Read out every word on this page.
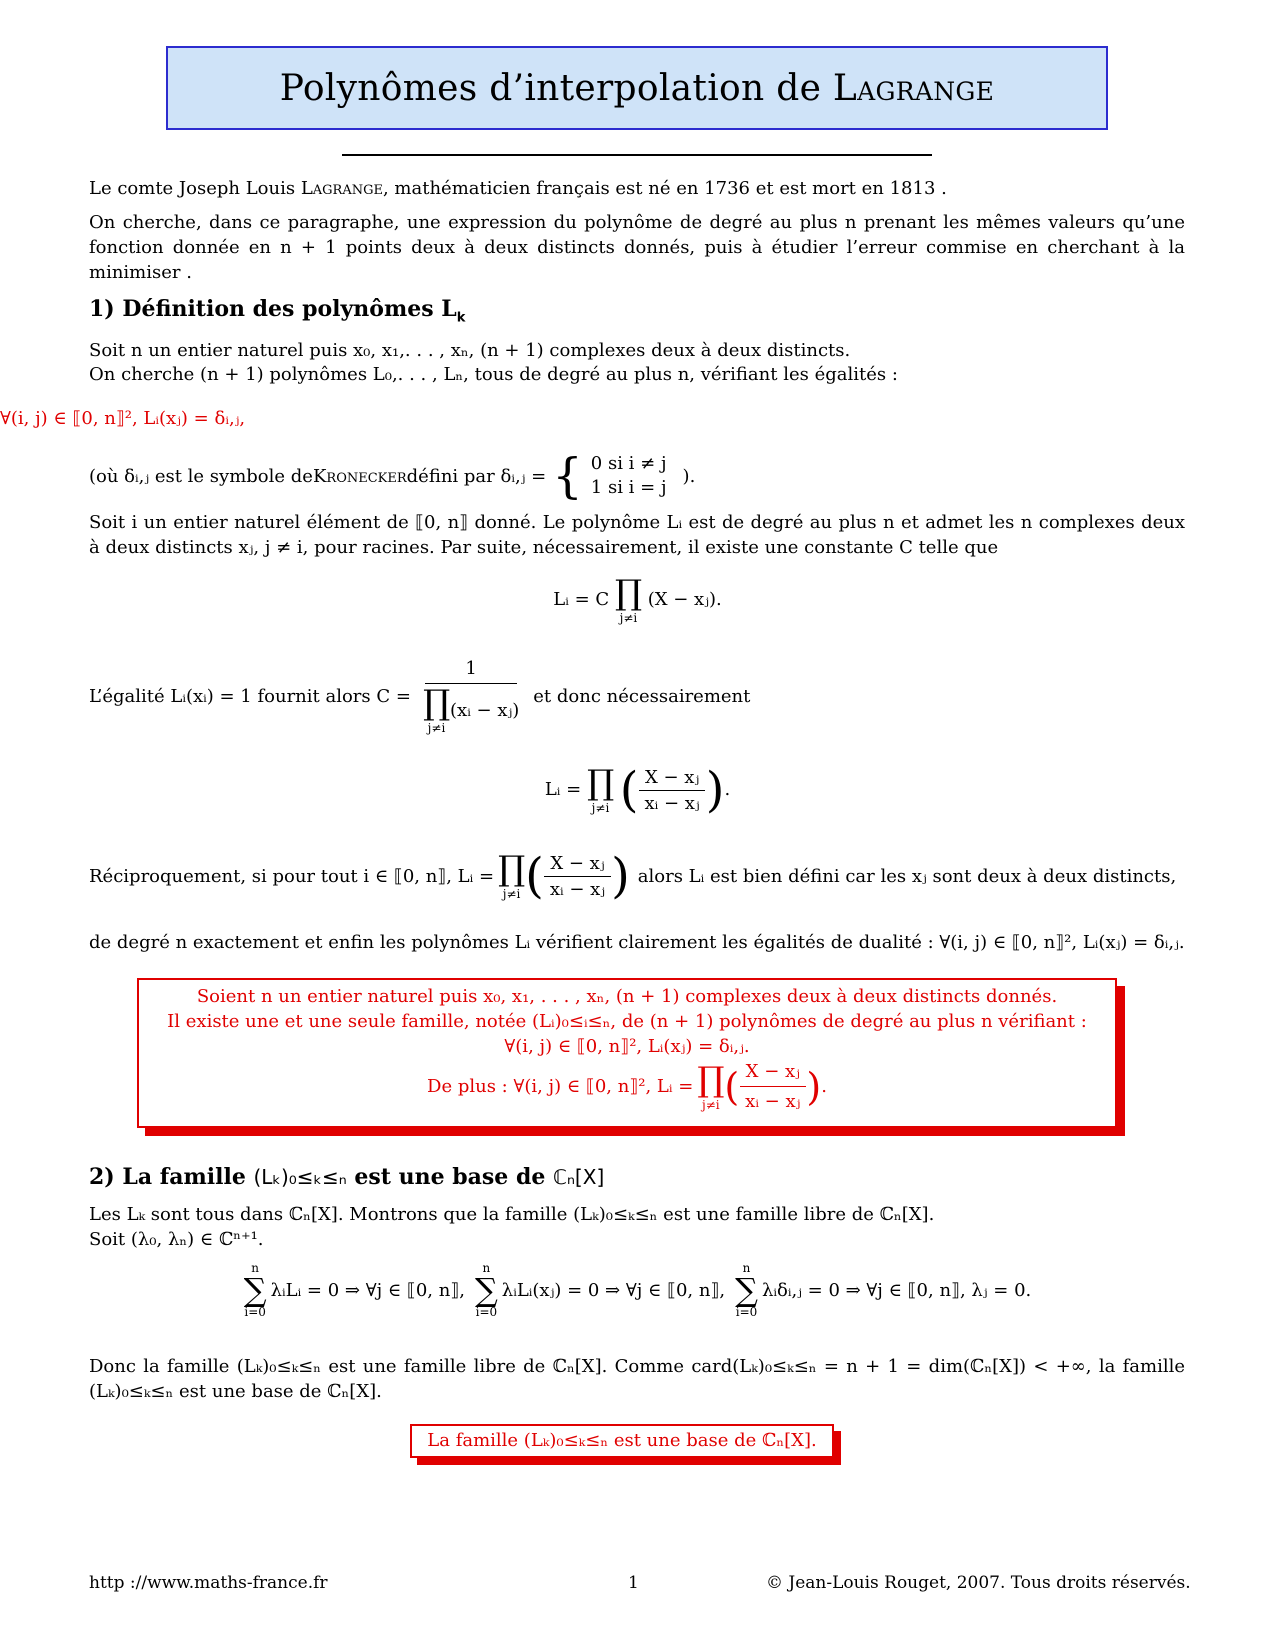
Polynômes d’interpolation de Lagrange

Le comte Joseph Louis Lagrange, mathématicien français est né en 1736 et est mort en 1813 .

On cherche, dans ce paragraphe, une expression du polynôme de degré au plus n prenant les mêmes valeurs qu’une fonction donnée en n + 1 points deux à deux distincts donnés, puis à étudier l’erreur commise en cherchant à la minimiser .

1) Définition des polynômes $L_k$

Soit n un entier naturel puis x₀, x₁,. . . , xₙ, (n + 1) complexes deux à deux distincts.

On cherche (n + 1) polynômes L₀,. . . , Lₙ, tous de degré au plus n, vérifiant les égalités :

∀(i, j) ∈ ⟦0, n⟧², Lᵢ(xⱼ) = δᵢ,ⱼ,

(où δᵢ,ⱼ est le symbole de Kronecker défini par δᵢ,ⱼ = { 0 si i ≠ j
1 si i = j
).

Soit i un entier naturel élément de ⟦0, n⟧ donné. Le polynôme Lᵢ est de degré au plus n et admet les n complexes deux à deux distincts xⱼ, j ≠ i, pour racines. Par suite, nécessairement, il existe une constante C telle que

Lᵢ = C ∏
j≠i
(X − xⱼ).
L’égalité Lᵢ(xᵢ) = 1 fournit alors C = 1
∏
j≠i
(xᵢ − xⱼ) et donc nécessairement
Lᵢ = ∏
j≠i ( $\frac{\text{X − xⱼ}}{\text{xᵢ − xⱼ}}$ ).
Réciproquement, si pour tout i ∈ ⟦0, n⟧, Lᵢ = ∏
j≠i ( $\frac{\text{X − xⱼ}}{\text{xᵢ − xⱼ}}$ ) alors Lᵢ est bien défini car les xⱼ sont deux à deux distincts,

de degré n exactement et enfin les polynômes Lᵢ vérifient clairement les égalités de dualité : ∀(i, j) ∈ ⟦0, n⟧², Lᵢ(xⱼ) = δᵢ,ⱼ.

Soient n un entier naturel puis x₀, x₁, . . . , xₙ, (n + 1) complexes deux à deux distincts donnés.
Il existe une et une seule famille, notée (Lᵢ)₀≤ᵢ≤ₙ, de (n + 1) polynômes de degré au plus n vérifiant :
∀(i, j) ∈ ⟦0, n⟧², Lᵢ(xⱼ) = δᵢ,ⱼ.
De plus : ∀(i, j) ∈ ⟦0, n⟧², Lᵢ = ∏
j≠i ( $\frac{\text{X − xⱼ}}{\text{xᵢ − xⱼ}}$ ) .
2) La famille (Lₖ)₀≤ₖ≤ₙ est une base de ℂₙ[X]

Les Lₖ sont tous dans ℂₙ[X]. Montrons que la famille (Lₖ)₀≤ₖ≤ₙ est une famille libre de ℂₙ[X].

Soit (λ₀, λₙ) ∈ ℂⁿ⁺¹.

n
∑
i=0
λᵢLᵢ = 0 ⇒ ∀j ∈ ⟦0, n⟧,
n
∑
i=0
λᵢLᵢ(xⱼ) = 0 ⇒ ∀j ∈ ⟦0, n⟧,
n
∑
i=0
λᵢδᵢ,ⱼ = 0 ⇒ ∀j ∈ ⟦0, n⟧, λⱼ = 0.

Donc la famille (Lₖ)₀≤ₖ≤ₙ est une famille libre de ℂₙ[X]. Comme card(Lₖ)₀≤ₖ≤ₙ = n + 1 = dim(ℂₙ[X]) < +∞, la famille (Lₖ)₀≤ₖ≤ₙ est une base de ℂₙ[X].

La famille (Lₖ)₀≤ₖ≤ₙ est une base de ℂₙ[X].
http ://www.maths-france.fr	1	© Jean-Louis Rouget, 2007. Tous droits réservés.
